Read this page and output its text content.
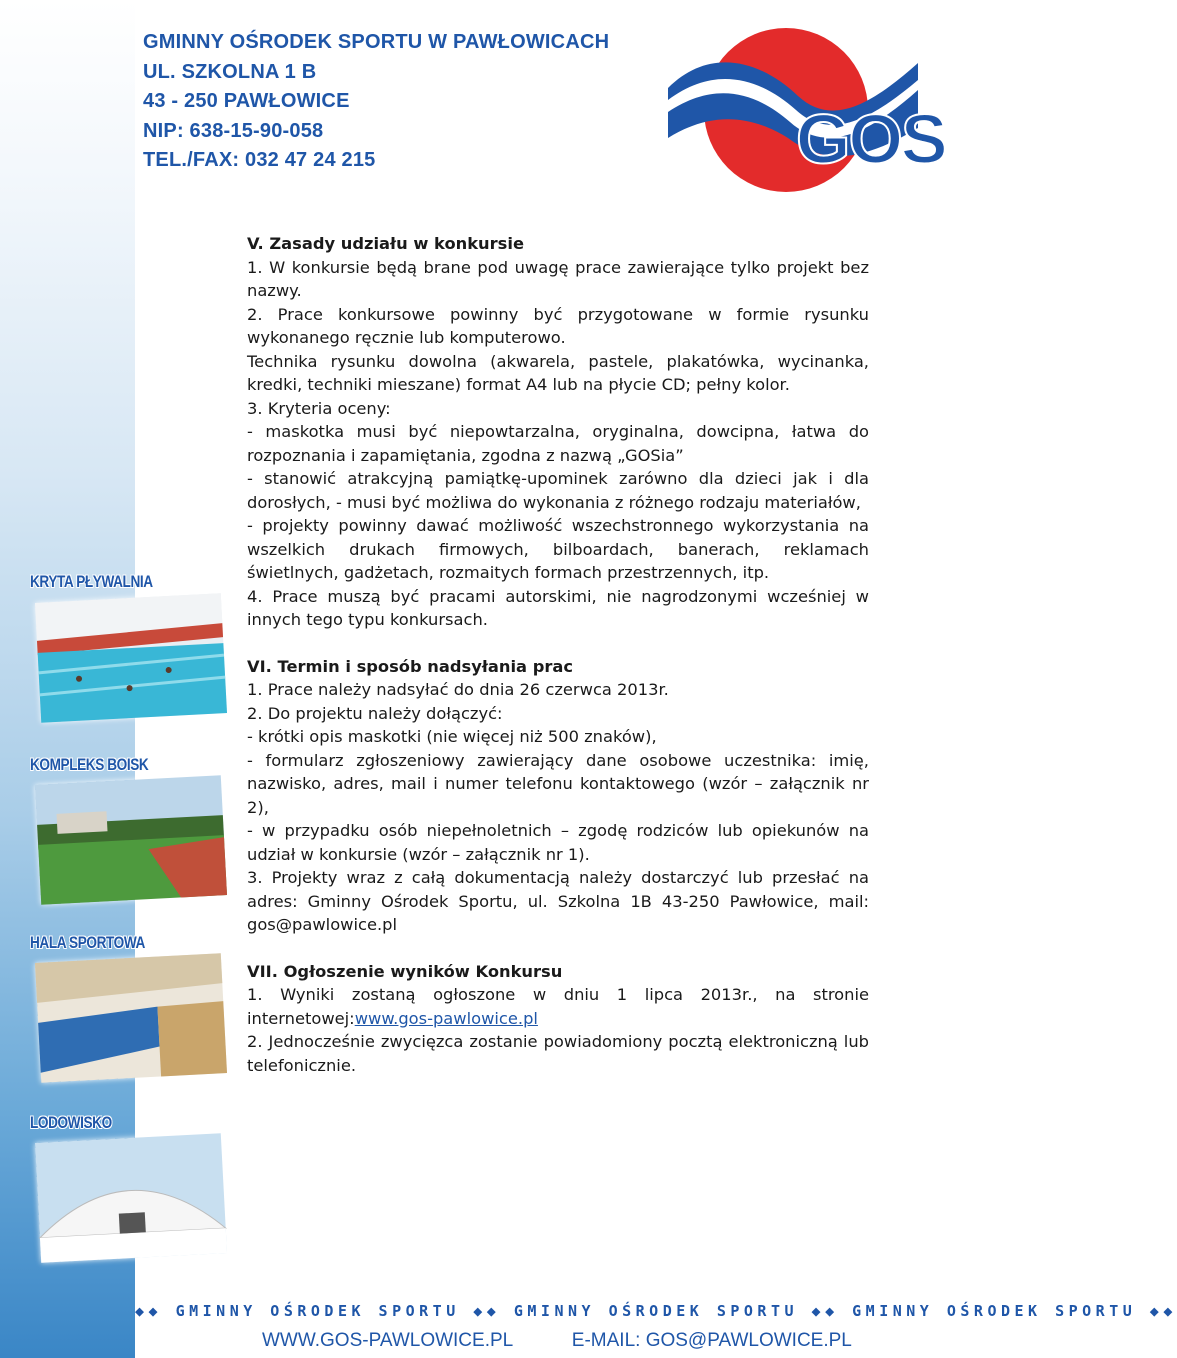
GMINNY OŚRODEK SPORTU W PAWŁOWICACH
UL. SZKOLNA 1 B
43 - 250 PAWŁOWICE
NIP: 638-15-90-058
TEL./FAX: 032 47 24 215	GOS
KRYTA PŁYWALNIA
KOMPLEKS BOISK
HALA SPORTOWA
LODOWISKO
V. Zasady udziału w konkursie
1. W konkursie będą brane pod uwagę prace zawierające tylko projekt bez nazwy.
2. Prace konkursowe powinny być przygotowane w formie rysunku wykonanego ręcznie lub komputerowo.
Technika rysunku dowolna (akwarela, pastele, plakatówka, wycinanka, kredki, techniki mieszane) format A4 lub na płycie CD; pełny kolor.
3. Kryteria oceny:
- maskotka musi być niepowtarzalna, oryginalna, dowcipna, łatwa do rozpoznania i zapamiętania, zgodna z nazwą „GOSia”
- stanowić atrakcyjną pamiątkę-upominek zarówno dla dzieci jak i dla dorosłych, - musi być możliwa do wykonania z różnego rodzaju materiałów,
- projekty powinny dawać możliwość wszechstronnego wykorzystania na wszelkich drukach firmowych, bilboardach, banerach, reklamach świetlnych, gadżetach, rozmaitych formach przestrzennych, itp.
4. Prace muszą być pracami autorskimi, nie nagrodzonymi wcześniej w innych tego typu konkursach.
VI. Termin i sposób nadsyłania prac
1. Prace należy nadsyłać do dnia 26 czerwca 2013r.
2. Do projektu należy dołączyć:
- krótki opis maskotki (nie więcej niż 500 znaków),
- formularz zgłoszeniowy zawierający dane osobowe uczestnika: imię, nazwisko, adres, mail i numer telefonu kontaktowego (wzór – załącznik nr 2),
- w przypadku osób niepełnoletnich – zgodę rodziców lub opiekunów na udział w konkursie (wzór – załącznik nr 1).
3. Projekty wraz z całą dokumentacją należy dostarczyć lub przesłać na adres: Gminny Ośrodek Sportu, ul. Szkolna 1B 43-250 Pawłowice, mail: gos@pawlowice.pl
VII. Ogłoszenie wyników Konkursu
1. Wyniki zostaną ogłoszone w dniu 1 lipca 2013r., na stronie internetowej:www.gos-pawlowice.pl
2. Jednocześnie zwycięzca zostanie powiadomiony pocztą elektroniczną lub telefonicznie.
◆◆ GMINNY OŚRODEK SPORTU ◆◆ GMINNY OŚRODEK SPORTU ◆◆ GMINNY OŚRODEK SPORTU ◆◆
WWW.GOS-PAWLOWICE.PL	E-MAIL: GOS@PAWLOWICE.PL
